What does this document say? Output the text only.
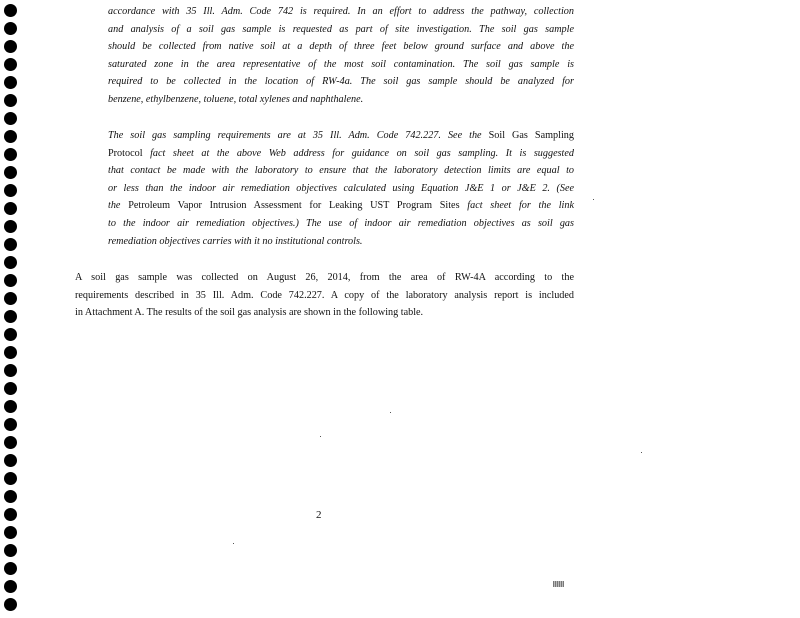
accordance with 35 Ill. Adm. Code 742 is required. In an effort to address the pathway, collection
and analysis of a soil gas sample is requested as part of site investigation. The soil gas sample
should be collected from native soil at a depth of three feet below ground surface and above the
saturated zone in the area representative of the most soil contamination. The soil gas sample is
required to be collected in the location of RW-4a. The soil gas sample should be analyzed for
benzene, ethylbenzene, toluene, total xylenes and naphthalene.
The soil gas sampling requirements are at 35 Ill. Adm. Code 742.227. See the Soil Gas Sampling
Protocol fact sheet at the above Web address for guidance on soil gas sampling. It is suggested
that contact be made with the laboratory to ensure that the laboratory detection limits are equal to
or less than the indoor air remediation objectives calculated using Equation J&E 1 or J&E 2. (See
the Petroleum Vapor Intrusion Assessment for Leaking UST Program Sites fact sheet for the link
to the indoor air remediation objectives.) The use of indoor air remediation objectives as soil gas
remediation objectives carries with it no institutional controls.
A soil gas sample was collected on August 26, 2014, from the area of RW-4A according to the
requirements described in 35 Ill. Adm. Code 742.227. A copy of the laboratory analysis report is included
in Attachment A. The results of the soil gas analysis are shown in the following table.
2
